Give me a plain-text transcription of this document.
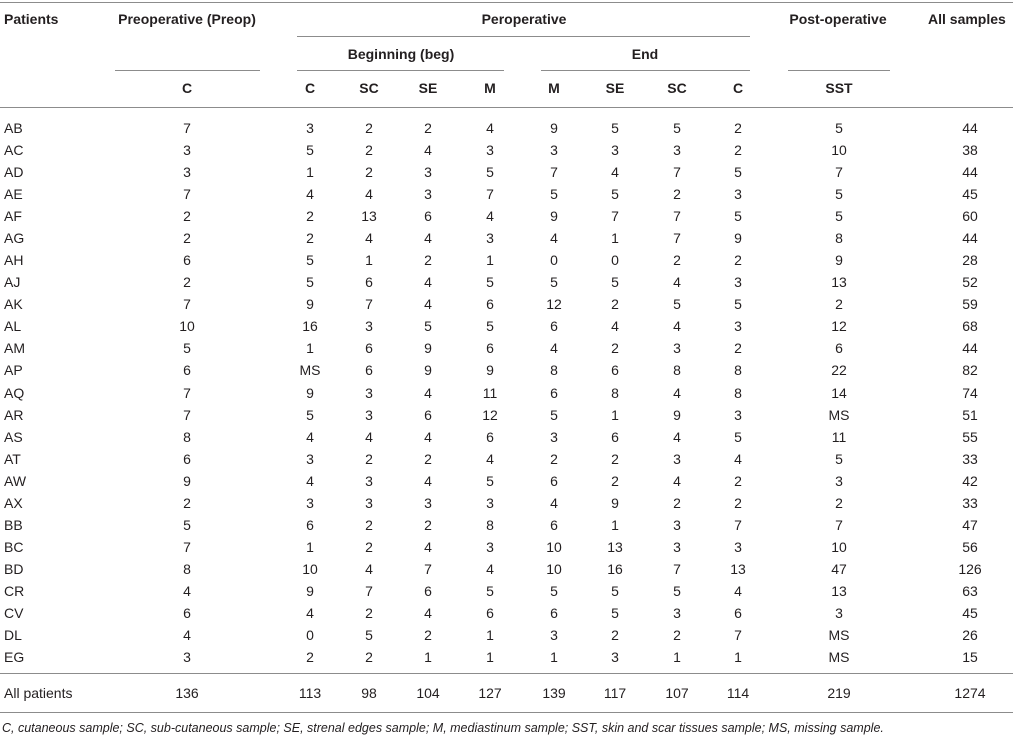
Patients	Preoperative (Preop)	Peroperative	Post-operative	All samples
Beginning (beg)	End
C	C	SC	SE	M	M	SE	SC	C	SST
AB	7	3	2	2	4	9	5	5	2	5	44
AC	3	5	2	4	3	3	3	3	2	10	38
AD	3	1	2	3	5	7	4	7	5	7	44
AE	7	4	4	3	7	5	5	2	3	5	45
AF	2	2	13	6	4	9	7	7	5	5	60
AG	2	2	4	4	3	4	1	7	9	8	44
AH	6	5	1	2	1	0	0	2	2	9	28
AJ	2	5	6	4	5	5	5	4	3	13	52
AK	7	9	7	4	6	12	2	5	5	2	59
AL	10	16	3	5	5	6	4	4	3	12	68
AM	5	1	6	9	6	4	2	3	2	6	44
AP	6	MS	6	9	9	8	6	8	8	22	82
AQ	7	9	3	4	11	6	8	4	8	14	74
AR	7	5	3	6	12	5	1	9	3	MS	51
AS	8	4	4	4	6	3	6	4	5	11	55
AT	6	3	2	2	4	2	2	3	4	5	33
AW	9	4	3	4	5	6	2	4	2	3	42
AX	2	3	3	3	3	4	9	2	2	2	33
BB	5	6	2	2	8	6	1	3	7	7	47
BC	7	1	2	4	3	10	13	3	3	10	56
BD	8	10	4	7	4	10	16	7	13	47	126
CR	4	9	7	6	5	5	5	5	4	13	63
CV	6	4	2	4	6	6	5	3	6	3	45
DL	4	0	5	2	1	3	2	2	7	MS	26
EG	3	2	2	1	1	1	3	1	1	MS	15
All patients	136	113	98	104	127	139	117	107	114	219	1274
C, cutaneous sample; SC, sub-cutaneous sample; SE, strenal edges sample; M, mediastinum sample; SST, skin and scar tissues sample; MS, missing sample.
